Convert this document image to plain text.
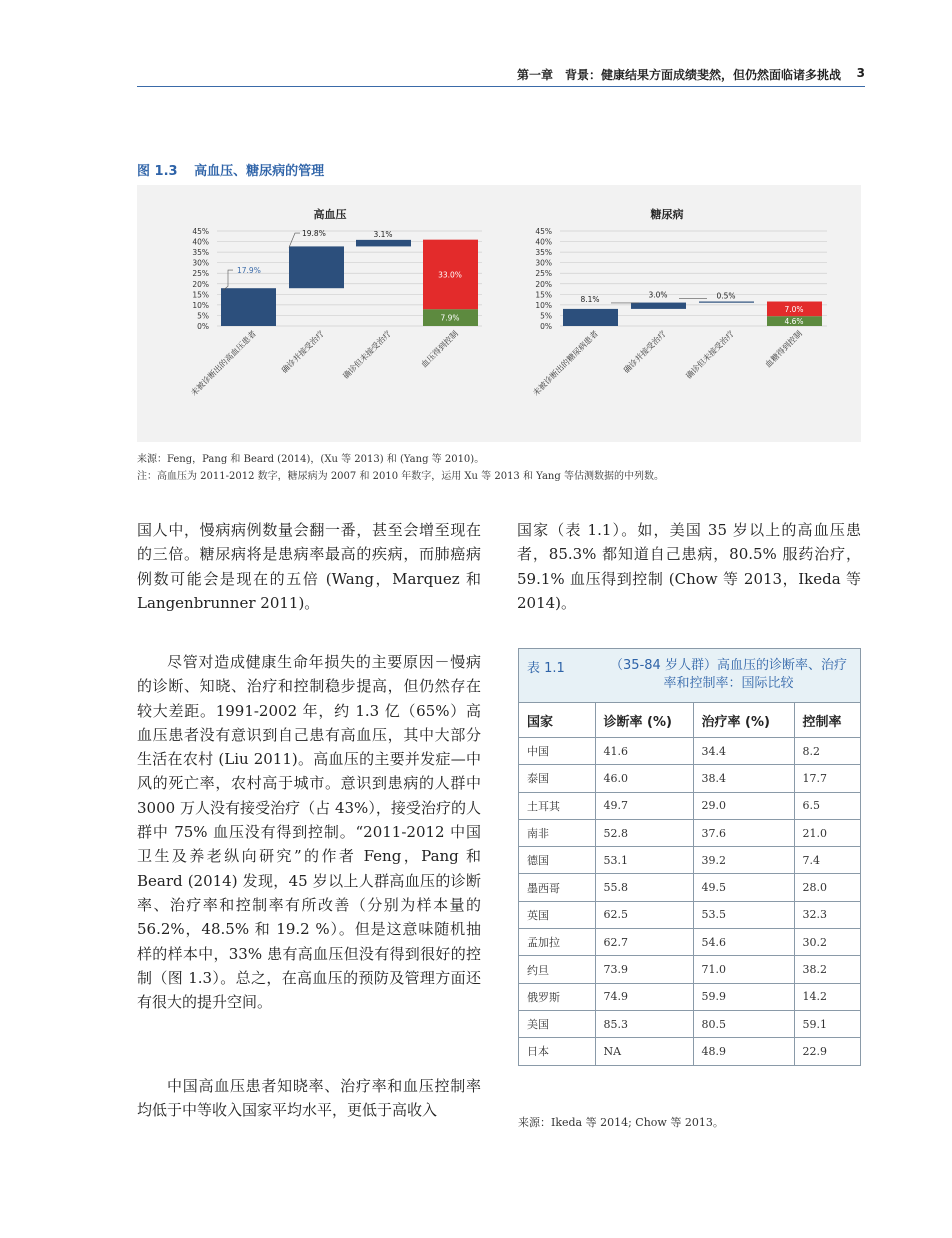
第一章　背景：健康结果方面成绩斐然，但仍然面临诸多挑战 3
图 1.3 高血压、糖尿病的管理
高血压
0%
5%
10%
15%
20%
25%
30%
35%
40%
45%
17.9%
19.8%	3.1%
33.0%
7.9%
未被诊断出的高血压患者	确诊并接受治疗 确诊但未接受治疗	血压得到控制
糖尿病
0%
5%
10%
15%
20%
25%
30%
35%
40%
45%
8.1%	3.0%	0.5%
7.0%
4.6%
未被诊断出的糖尿病患者	确诊并接受治疗 确诊但未接受治疗	血糖得到控制
来源：Feng，Pang 和 Beard (2014)，(Xu 等 2013) 和 (Yang 等 2010)。
注：高血压为 2011-2012 数字，糖尿病为 2007 和 2010 年数字，运用 Xu 等 2013 和 Yang 等估测数据的中列数。

国人中，慢病病例数量会翻一番，甚至会增至现在的三倍。糖尿病将是患病率最高的疾病，而肺癌病例数可能会是现在的五倍 (Wang，Marquez 和 Langenbrunner 2011)。

尽管对造成健康生命年损失的主要原因－慢病的诊断、知晓、治疗和控制稳步提高，但仍然存在较大差距。1991-2002 年，约 1.3 亿（65%）高血压患者没有意识到自己患有高血压，其中大部分生活在农村 (Liu 2011)。高血压的主要并发症—中风的死亡率，农村高于城市。意识到患病的人群中 3000 万人没有接受治疗（占 43%），接受治疗的人群中 75% 血压没有得到控制。“2011-2012 中国卫生及养老纵向研究”的作者 Feng，Pang 和 Beard (2014) 发现，45 岁以上人群高血压的诊断率、治疗率和控制率有所改善（分别为样本量的 56.2%，48.5% 和 19.2 %）。但是这意味随机抽样的样本中，33% 患有高血压但没有得到很好的控制（图 1.3）。总之，在高血压的预防及管理方面还有很大的提升空间。

中国高血压患者知晓率、治疗率和血压控制率均低于中等收入国家平均水平，更低于高收入

国家（表 1.1）。如，美国 35 岁以上的高血压患者，85.3% 都知道自己患病，80.5% 服药治疗，59.1% 血压得到控制 (Chow 等 2013，Ikeda 等 2014)。

表 1.1	（35-84 岁人群）高血压的诊断率、治疗率和控制率：国际比较
国家	诊断率 (%)	治疗率 (%)	控制率
中国	41.6	34.4	8.2
泰国	46.0	38.4	17.7
土耳其	49.7	29.0	6.5
南非	52.8	37.6	21.0
德国	53.1	39.2	7.4
墨西哥	55.8	49.5	28.0
英国	62.5	53.5	32.3
孟加拉	62.7	54.6	30.2
约旦	73.9	71.0	38.2
俄罗斯	74.9	59.9	14.2
美国	85.3	80.5	59.1
日本	NA	48.9	22.9
来源：Ikeda 等 2014; Chow 等 2013。
